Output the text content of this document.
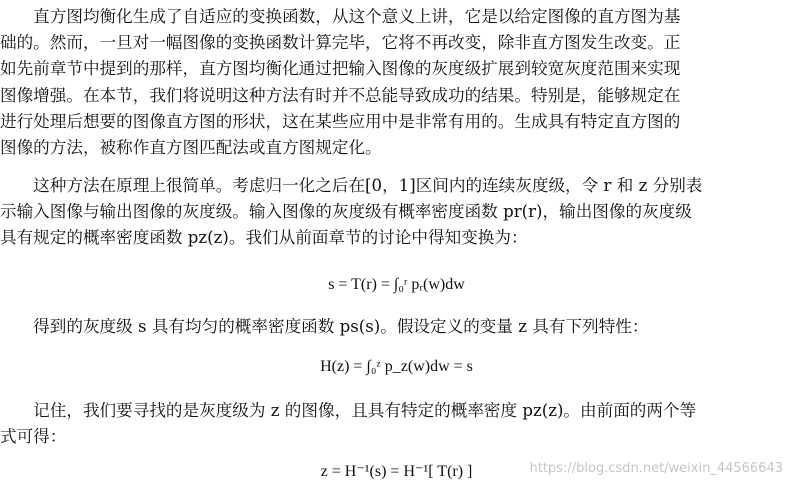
　　直方图均衡化生成了自适应的变换函数，从这个意义上讲，它是以给定图像的直方图为基
础的。然而，一旦对一幅图像的变换函数计算完毕，它将不再改变，除非直方图发生改变。正
如先前章节中提到的那样，直方图均衡化通过把输入图像的灰度级扩展到较宽灰度范围来实现
图像增强。在本节，我们将说明这种方法有时并不总能导致成功的结果。特别是，能够规定在
进行处理后想要的图像直方图的形状，这在某些应用中是非常有用的。生成具有特定直方图的
图像的方法，被称作直方图匹配法或直方图规定化。
　　这种方法在原理上很简单。考虑归一化之后在[0，1]区间内的连续灰度级，令 r 和 z 分别表
示输入图像与输出图像的灰度级。输入图像的灰度级有概率密度函数 pr(r)，输出图像的灰度级
具有规定的概率密度函数 pz(z)。我们从前面章节的讨论中得知变换为：
s = T(r) = ∫₀ʳ pᵣ(w)dw
　　得到的灰度级 s 具有均匀的概率密度函数 ps(s)。假设定义的变量 z 具有下列特性：
H(z) = ∫₀ᶻ p_z(w)dw = s
　　记住，我们要寻找的是灰度级为 z 的图像，且具有特定的概率密度 pz(z)。由前面的两个等
式可得：
z = H⁻¹(s) = H⁻¹[ T(r) ]	https://blog.csdn.net/weixin_44566643
